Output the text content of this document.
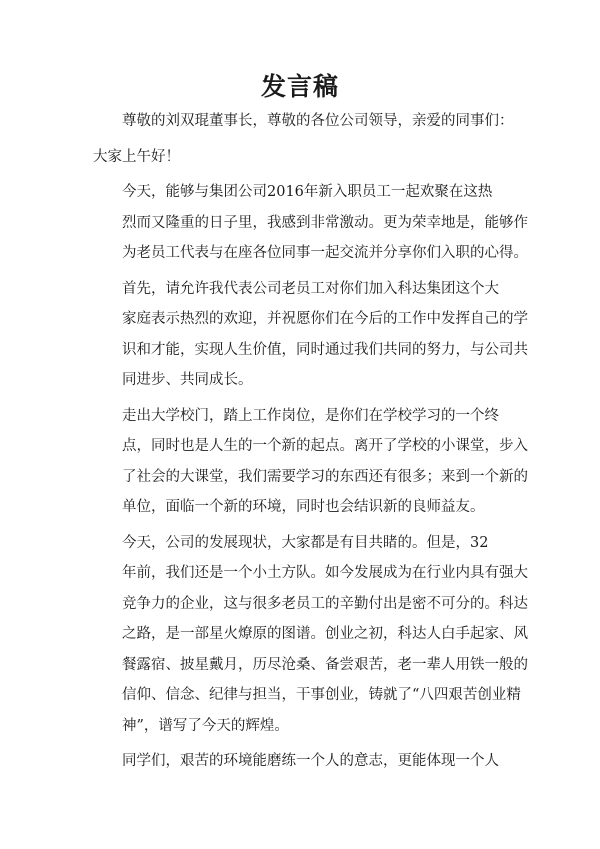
发言稿

尊敬的刘双琨董事长，尊敬的各位公司领导，亲爱的同事们：

大家上午好！

今天，能够与集团公司2016年新入职员工一起欢聚在这热
烈而又隆重的日子里，我感到非常激动。更为荣幸地是，能够作
为老员工代表与在座各位同事一起交流并分享你们入职的心得。

首先，请允许我代表公司老员工对你们加入科达集团这个大
家庭表示热烈的欢迎，并祝愿你们在今后的工作中发挥自己的学
识和才能，实现人生价值，同时通过我们共同的努力，与公司共
同进步、共同成长。

走出大学校门，踏上工作岗位，是你们在学校学习的一个终
点，同时也是人生的一个新的起点。离开了学校的小课堂，步入
了社会的大课堂，我们需要学习的东西还有很多；来到一个新的
单位，面临一个新的环境，同时也会结识新的良师益友。

今天，公司的发展现状，大家都是有目共睹的。但是，32
年前，我们还是一个小土方队。如今发展成为在行业内具有强大
竞争力的企业，这与很多老员工的辛勤付出是密不可分的。科达
之路，是一部星火燎原的图谱。创业之初，科达人白手起家、风
餐露宿、披星戴月，历尽沧桑、备尝艰苦，老一辈人用铁一般的
信仰、信念、纪律与担当，干事创业，铸就了“八四艰苦创业精
神”，谱写了今天的辉煌。

同学们，艰苦的环境能磨练一个人的意志，更能体现一个人
